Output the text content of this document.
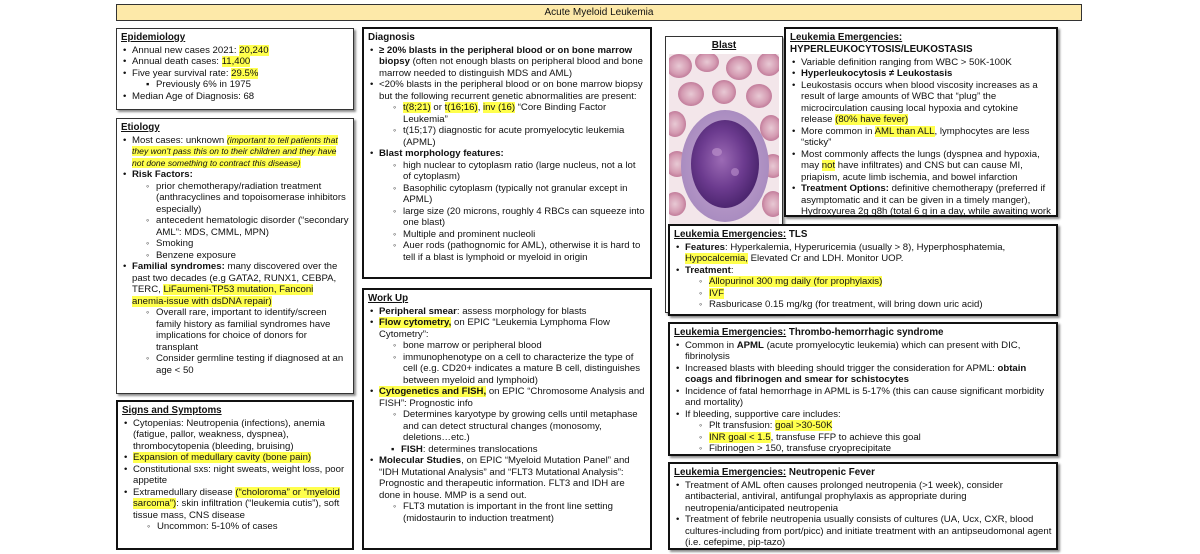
Acute Myeloid Leukemia
Epidemiology
• Annual new cases 2021: 20,240
• Annual death cases: 11,400
• Five year survival rate: 29.5%
▪ Previously 6% in 1975
• Median Age of Diagnosis: 68
Etiology
• Most cases: unknown (important to tell patients that they won’t pass this on to their children and they have not done something to contract this disease)
• Risk Factors:
◦ prior chemotherapy/radiation treatment (anthracyclines and topoisomerase inhibitors especially)
◦ antecedent hematologic disorder (“secondary AML”: MDS, CMML, MPN)
◦ Smoking
◦ Benzene exposure
• Familial syndromes: many discovered over the past two decades (e.g GATA2, RUNX1, CEBPA, TERC, LiFaumeni-TP53 mutation, Fanconi anemia-issue with dsDNA repair)
◦ Overall rare, important to identify/screen family history as familial syndromes have implications for choice of donors for transplant
◦ Consider germline testing if diagnosed at an age < 50
Signs and Symptoms
• Cytopenias: Neutropenia (infections), anemia (fatigue, pallor, weakness, dyspnea), thrombocytopenia (bleeding, bruising)
• Expansion of medullary cavity (bone pain)
• Constitutional sxs: night sweats, weight loss, poor appetite
• Extramedullary disease (“choloroma” or “myeloid sarcoma”): skin infiltration (“leukemia cutis”), soft tissue mass, CNS disease
◦ Uncommon: 5-10% of cases
Diagnosis
• ≥ 20% blasts in the peripheral blood or on bone marrow biopsy (often not enough blasts on peripheral blood and bone marrow needed to distinguish MDS and AML)
• <20% blasts in the peripheral blood or on bone marrow biopsy but the following recurrent genetic abnormalities are present:
◦ t(8;21) or t(16;16), inv (16) “Core Binding Factor Leukemia”
◦ t(15;17) diagnostic for acute promyelocytic leukemia (APML)
• Blast morphology features:
◦ high nuclear to cytoplasm ratio (large nucleus, not a lot of cytoplasm)
◦ Basophilic cytoplasm (typically not granular except in APML)
◦ large size (20 microns, roughly 4 RBCs can squeeze into one blast)
◦ Multiple and prominent nucleoli
◦ Auer rods (pathognomic for AML), otherwise it is hard to tell if a blast is lymphoid or myeloid in origin
Work Up
• Peripheral smear: assess morphology for blasts
• Flow cytometry, on EPIC “Leukemia Lymphoma Flow Cytometry”:
◦ bone marrow or peripheral blood
◦ immunophenotype on a cell to characterize the type of cell (e.g. CD20+ indicates a mature B cell, distinguishes between myeloid and lymphoid)
• Cytogenetics and FISH, on EPIC “Chromosome Analysis and FISH”: Prognostic info
◦ Determines karyotype by growing cells until metaphase and can detect structural changes (monosomy, deletions…etc.)
▪ FISH: determines translocations
• Molecular Studies, on EPIC “Myeloid Mutation Panel” and “IDH Mutational Analysis” and “FLT3 Mutational Analysis”: Prognostic and therapeutic information. FLT3 and IDH are done in house. MMP is a send out.
◦ FLT3 mutation is important in the front line setting (midostaurin to induction treatment)
Blast
Leukemia Emergencies: HYPERLEUKOCYTOSIS/LEUKOSTASIS
• Variable definition ranging from WBC > 50K-100K
• Hyperleukocytosis ≠ Leukostasis
• Leukostasis occurs when blood viscosity increases as a result of large amounts of WBC that “plug” the microcirculation causing local hypoxia and cytokine release (80% have fever)
• More common in AML than ALL, lymphocytes are less “sticky”
• Most commonly affects the lungs (dyspnea and hypoxia, may not have infiltrates) and CNS but can cause MI, priapism, acute limb ischemia, and bowel infarction
• Treatment Options: definitive chemotherapy (preferred if asymptomatic and it can be given in a timely manger), Hydroxyurea 2g q8h (total 6 g in a day, while awaiting work
Leukemia Emergencies: TLS
• Features: Hyperkalemia, Hyperuricemia (usually > 8), Hyperphosphatemia, Hypocalcemia, Elevated Cr and LDH. Monitor UOP.
• Treatment:
◦ Allopurinol 300 mg daily (for prophylaxis)
◦ IVF
◦ Rasburicase 0.15 mg/kg (for treatment, will bring down uric acid)
Leukemia Emergencies: Thrombo-hemorrhagic syndrome
• Common in APML (acute promyelocytic leukemia) which can present with DIC, fibrinolysis
• Increased blasts with bleeding should trigger the consideration for APML: obtain coags and fibrinogen and smear for schistocytes
• Incidence of fatal hemorrhage in APML is 5-17% (this can cause significant morbidity and mortality)
• If bleeding, supportive care includes:
◦ Plt transfusion: goal >30-50K
◦ INR goal < 1.5, transfuse FFP to achieve this goal
◦ Fibrinogen > 150, transfuse cryoprecipitate
Leukemia Emergencies: Neutropenic Fever
• Treatment of AML often causes prolonged neutropenia (>1 week), consider antibacterial, antiviral, antifungal prophylaxis as appropriate during neutropenia/anticipated neutropenia
• Treatment of febrile neutropenia usually consists of cultures (UA, Ucx, CXR, blood cultures-including from port/picc) and initiate treatment with an antipseudomonal agent (i.e. cefepime, pip-tazo)
